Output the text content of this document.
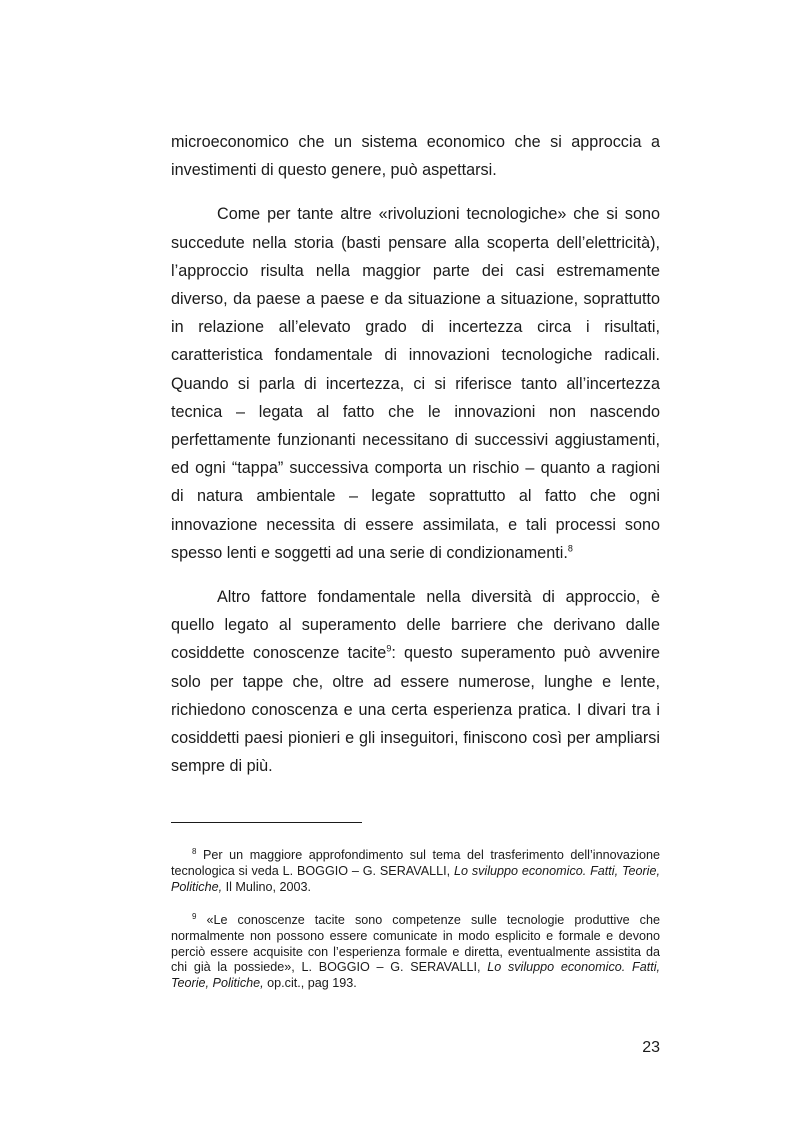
microeconomico che un sistema economico che si approccia a investimenti di questo genere, può aspettarsi.

Come per tante altre «rivoluzioni tecnologiche» che si sono succedute nella storia (basti pensare alla scoperta dell’elettricità), l’approccio risulta nella maggior parte dei casi estremamente diverso, da paese a paese e da situazione a situazione, soprattutto in relazione all’elevato grado di incertezza circa i risultati, caratteristica fondamentale di innovazioni tecnologiche radicali. Quando si parla di incertezza, ci si riferisce tanto all’incertezza tecnica – legata al fatto che le innovazioni non nascendo perfettamente funzionanti necessitano di successivi aggiustamenti, ed ogni “tappa” successiva comporta un rischio – quanto a ragioni di natura ambientale – legate soprattutto al fatto che ogni innovazione necessita di essere assimilata, e tali processi sono spesso lenti e soggetti ad una serie di condizionamenti.$^8$

Altro fattore fondamentale nella diversità di approccio, è quello legato al superamento delle barriere che derivano dalle cosiddette conoscenze tacite$^9$: questo superamento può avvenire solo per tappe che, oltre ad essere numerose, lunghe e lente, richiedono conoscenza e una certa esperienza pratica. I divari tra i cosiddetti paesi pionieri e gli inseguitori, finiscono così per ampliarsi sempre di più.

$^8$ Per un maggiore approfondimento sul tema del trasferimento dell’innovazione tecnologica si veda L. BOGGIO – G. SERAVALLI, Lo sviluppo economico. Fatti, Teorie, Politiche, Il Mulino, 2003.

$^9$ «Le conoscenze tacite sono competenze sulle tecnologie produttive che normalmente non possono essere comunicate in modo esplicito e formale e devono perciò essere acquisite con l’esperienza formale e diretta, eventualmente assistita da chi già la possiede», L. BOGGIO – G. SERAVALLI, Lo sviluppo economico. Fatti, Teorie, Politiche, op.cit., pag 193.

23
